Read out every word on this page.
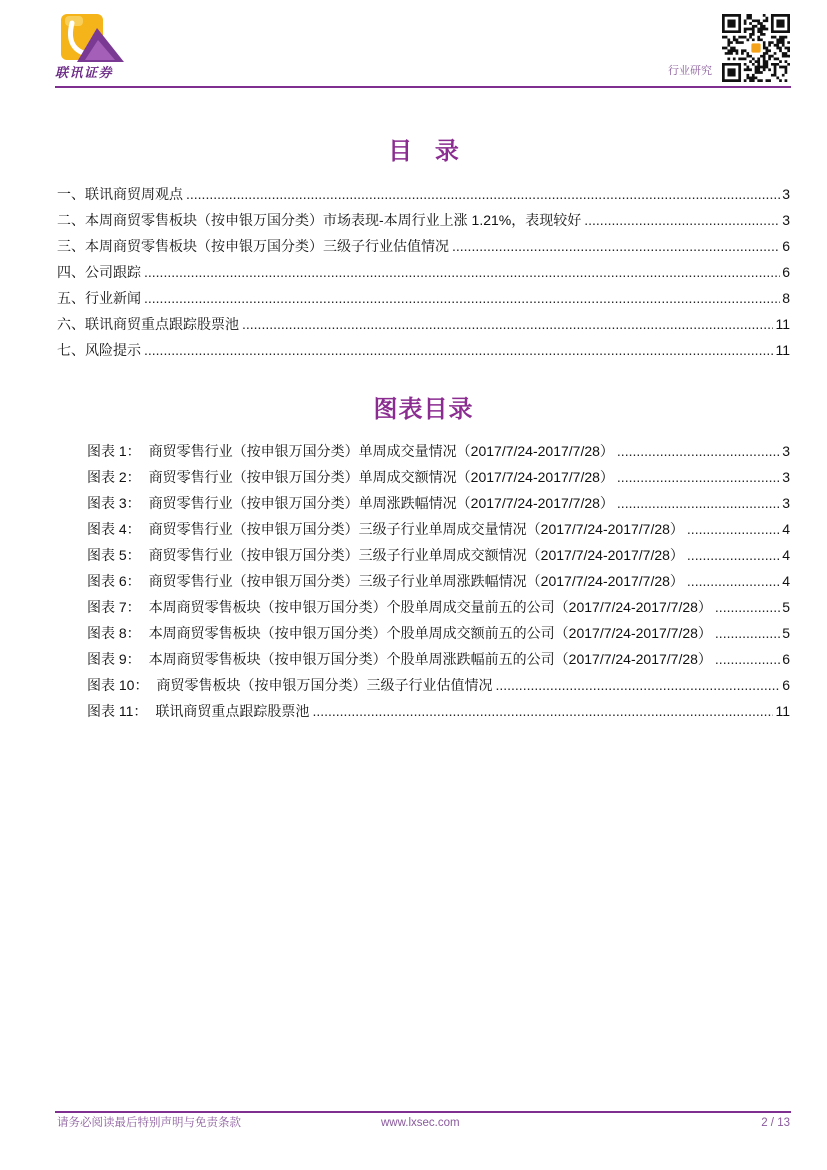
联讯证券	行业研究
目 录
一、 联讯商贸周观点 .....	3
二、 本周商贸零售板块（按申银万国分类）市场表现-本周行业上涨 1.21%，表现较好 .....	3
三、 本周商贸零售板块（按申银万国分类）三级子行业估值情况 .....	6
四、 公司跟踪 .....	6
五、 行业新闻 .....	8
六、 联讯商贸重点跟踪股票池 .....	11
七、 风险提示 .....	11
图表目录
图表 1： 商贸零售行业（按申银万国分类）单周成交量情况（2017/7/24-2017/7/28） .....	3
图表 2： 商贸零售行业（按申银万国分类）单周成交额情况（2017/7/24-2017/7/28） .....	3
图表 3： 商贸零售行业（按申银万国分类）单周涨跌幅情况（2017/7/24-2017/7/28） .....	3
图表 4： 商贸零售行业（按申银万国分类）三级子行业单周成交量情况（2017/7/24-2017/7/28） .....	4
图表 5： 商贸零售行业（按申银万国分类）三级子行业单周成交额情况（2017/7/24-2017/7/28） .....	4
图表 6： 商贸零售行业（按申银万国分类）三级子行业单周涨跌幅情况（2017/7/24-2017/7/28） .....	4
图表 7： 本周商贸零售板块（按申银万国分类）个股单周成交量前五的公司（2017/7/24-2017/7/28） .....	5
图表 8： 本周商贸零售板块（按申银万国分类）个股单周成交额前五的公司（2017/7/24-2017/7/28） .....	5
图表 9： 本周商贸零售板块（按申银万国分类）个股单周涨跌幅前五的公司（2017/7/24-2017/7/28） .....	6
图表 10： 商贸零售板块（按申银万国分类）三级子行业估值情况 .....	6
图表 11： 联讯商贸重点跟踪股票池 .....	11
请务必阅读最后特别声明与免责条款	www.lxsec.com	2 / 13
